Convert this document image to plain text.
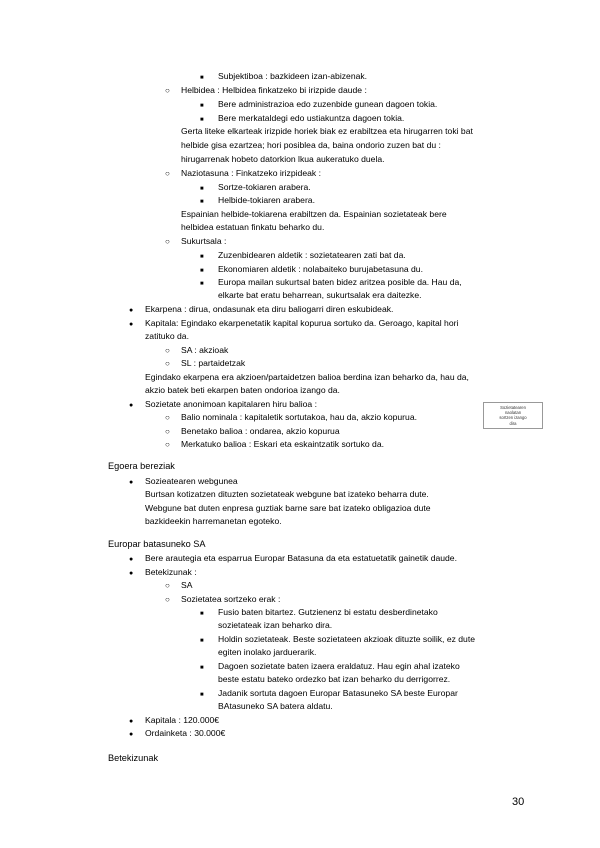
■
Subjektiboa : bazkideen izan-abizenak.
○
Helbidea : Helbidea finkatzeko bi irizpide daude :
■
Bere administrazioa edo zuzenbide gunean dagoen tokia.
■
Bere merkataldegi edo ustiakuntza dagoen tokia.
Gerta liteke elkarteak irizpide horiek biak ez erabiltzea eta hirugarren toki bat
helbide gisa ezartzea; hori posiblea da, baina ondorio zuzen bat du :
hirugarrenak hobeto datorkion lkua aukeratuko duela.
○
Naziotasuna : Finkatzeko irizpideak :
■
Sortze-tokiaren arabera.
■
Helbide-tokiaren arabera.
Espainian helbide-tokiarena erabiltzen da. Espainian sozietateak bere
helbidea estatuan finkatu beharko du.
○
Sukurtsala :
■
Zuzenbidearen aldetik : sozietatearen zati bat da.
■
Ekonomiaren aldetik : nolabaiteko burujabetasuna du.
■
Europa mailan sukurtsal baten bidez aritzea posible da. Hau da,
elkarte bat eratu beharrean, sukurtsalak era daitezke.
●
Ekarpena : dirua, ondasunak eta diru baliogarri diren eskubideak.
●
Kapitala: Egindako ekarpenetatik kapital kopurua sortuko da. Geroago, kapital hori
zatituko da.
○
SA : akzioak
○
SL : partaidetzak
Egindako ekarpena era akzioen/partaidetzen balioa berdina izan beharko da, hau da,
akzio batek beti ekarpen baten ondorioa izango da.
●
Sozietate anonimoan kapitalaren hiru balioa :
○
Balio nominala : kapitaletik sortutakoa, hau da, akzio kopurua.
○
Benetako balioa : ondarea, akzio kopurua
○
Merkatuko balioa : Eskari eta eskaintzatik sortuko da.
Sozietatearen
naolatan
sortzen izango
dira
Egoera bereziak
●
Sozieatearen webgunea
Burtsan kotizatzen dituzten sozietateak webgune bat izateko beharra dute.
Webgune bat duten enpresa guztiak barne sare bat izateko obligazioa dute
bazkideekin harremanetan egoteko.
Europar batasuneko SA
●
Bere arautegia eta esparrua Europar Batasuna da eta estatuetatik gainetik daude.
●
Betekizunak :
○
SA
○
Sozietatea sortzeko erak :
■
Fusio baten bitartez. Gutzienenz bi estatu desberdinetako
sozietateak izan beharko dira.
■
Holdin sozietateak. Beste sozietateen akzioak dituzte soilik, ez dute
egiten inolako jarduerarik.
■
Dagoen sozietate baten izaera eraldatuz. Hau egin ahal izateko
beste estatu bateko ordezko bat izan beharko du derrigorrez.
■
Jadanik sortuta dagoen Europar Batasuneko SA beste Europar
BAtasuneko SA batera aldatu.
●
Kapitala : 120.000€
●
Ordainketa : 30.000€
Betekizunak
30
